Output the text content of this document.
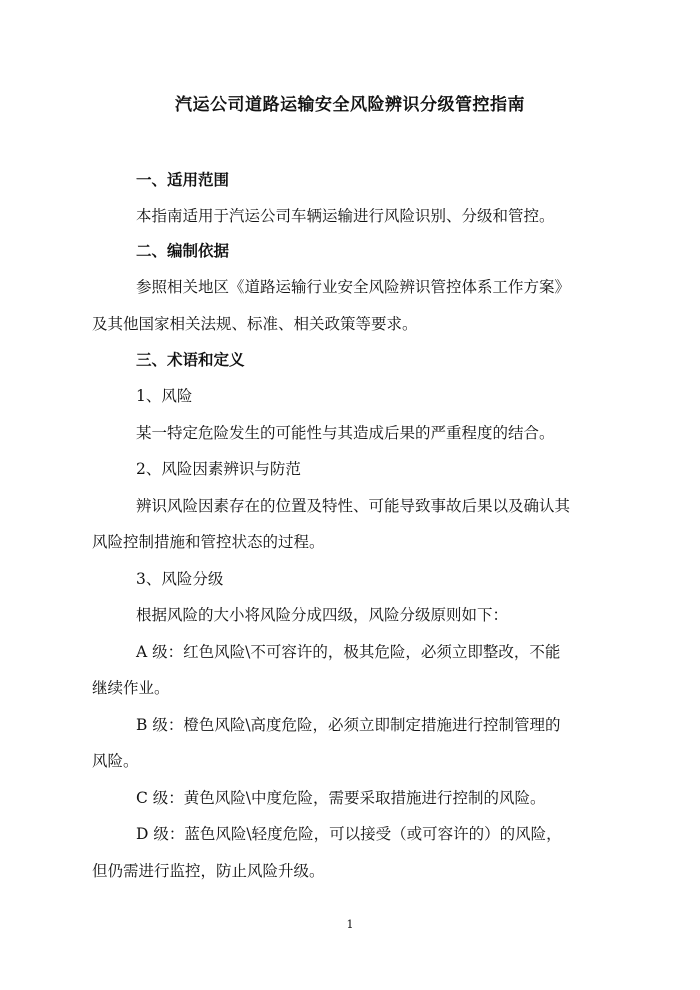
汽运公司道路运输安全风险辨识分级管控指南
一、适用范围
本指南适用于汽运公司车辆运输进行风险识别、分级和管控。
二、编制依据
参照相关地区《道路运输行业安全风险辨识管控体系工作方案》
及其他国家相关法规、标准、相关政策等要求。
三、术语和定义
1、风险
某一特定危险发生的可能性与其造成后果的严重程度的结合。
2、风险因素辨识与防范
辨识风险因素存在的位置及特性、可能导致事故后果以及确认其
风险控制措施和管控状态的过程。
3、风险分级
根据风险的大小将风险分成四级，风险分级原则如下：
A 级：红色风险\不可容许的，极其危险，必须立即整改，不能
继续作业。
B 级：橙色风险\高度危险，必须立即制定措施进行控制管理的
风险。
C 级：黄色风险\中度危险，需要采取措施进行控制的风险。
D 级：蓝色风险\轻度危险，可以接受（或可容许的）的风险，
但仍需进行监控，防止风险升级。
1
